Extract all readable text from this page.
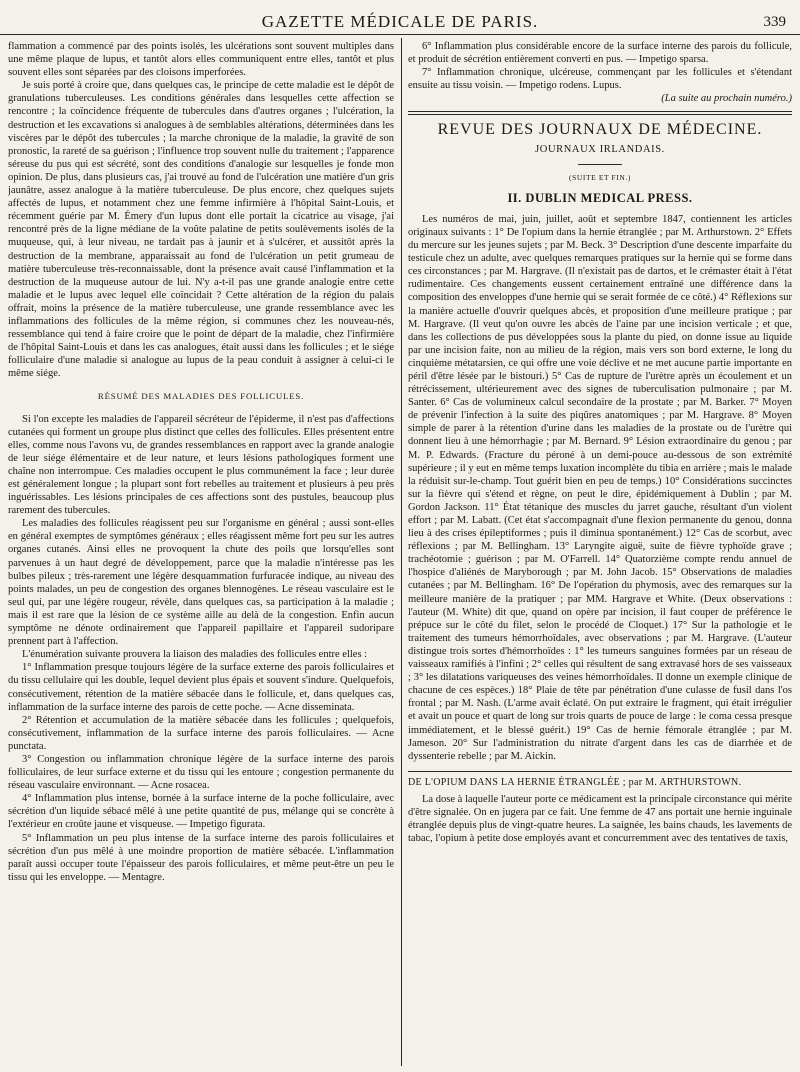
GAZETTE MÉDICALE DE PARIS.	339

flammation a commencé par des points isolés, les ulcérations sont souvent multiples dans une même plaque de lupus, et tantôt alors elles communiquent entre elles, tantôt et plus souvent elles sont séparées par des cloisons imperforées.

Je suis porté à croire que, dans quelques cas, le principe de cette maladie est le dépôt de granulations tuberculeuses. Les conditions générales dans lesquelles cette affection se rencontre ; la coïncidence fréquente de tubercules dans d'autres organes ; l'ulcération, la destruction et les excavations si analogues à de semblables altérations, déterminées dans les viscères par le dépôt des tubercules ; la marche chronique de la maladie, la gravité de son pronostic, la rareté de sa guérison ; l'influence trop souvent nulle du traitement ; l'apparence séreuse du pus qui est sécrété, sont des conditions d'analogie sur lesquelles je fonde mon opinion. De plus, dans plusieurs cas, j'ai trouvé au fond de l'ulcération une matière d'un gris jaunâtre, assez analogue à la matière tuberculeuse. De plus encore, chez quelques sujets affectés de lupus, et notamment chez une femme infirmière à l'hôpital Saint-Louis, et récemment guérie par M. Émery d'un lupus dont elle portait la cicatrice au visage, j'ai rencontré près de la ligne médiane de la voûte palatine de petits soulèvements isolés de la muqueuse, qui, à leur niveau, ne tardait pas à jaunir et à s'ulcérer, et aussitôt après la destruction de la membrane, apparaissait au fond de l'ulcération un petit grumeau de matière tuberculeuse très-reconnaissable, dont la présence avait causé l'inflammation et la destruction de la muqueuse autour de lui. N'y a-t-il pas une grande analogie entre cette maladie et le lupus avec lequel elle coïncidait ? Cette altération de la région du palais offrait, moins la présence de la matière tuberculeuse, une grande ressemblance avec les inflammations des follicules de la même région, si communes chez les nouveau-nés, ressemblance qui tend à faire croire que le point de départ de la maladie, chez l'infirmière de l'hôpital Saint-Louis et dans les cas analogues, était aussi dans les follicules ; et le siége folliculaire d'une maladie si analogue au lupus de la peau conduit à assigner à celui-ci le même siége.

RÉSUMÉ DES MALADIES DES FOLLICULES.

Si l'on excepte les maladies de l'appareil sécréteur de l'épiderme, il n'est pas d'affections cutanées qui forment un groupe plus distinct que celles des follicules. Elles présentent entre elles, comme nous l'avons vu, de grandes ressemblances en rapport avec la grande analogie de leur siége élémentaire et de leur nature, et leurs lésions pathologiques forment une chaîne non interrompue. Ces maladies occupent le plus communément la face ; leur durée est généralement longue ; la plupart sont fort rebelles au traitement et plusieurs à peu près inguérissables. Les lésions principales de ces affections sont des pustules, beaucoup plus rarement des tubercules.

Les maladies des follicules réagissent peu sur l'organisme en général ; aussi sont-elles en général exemptes de symptômes généraux ; elles réagissent même fort peu sur les autres organes cutanés. Ainsi elles ne provoquent la chute des poils que lorsqu'elles sont parvenues à un haut degré de développement, parce que la maladie n'intéresse pas les bulbes pileux ; très-rarement une légère desquammation furfuracée indique, au niveau des points malades, un peu de congestion des organes blennogènes. Le réseau vasculaire est le seul qui, par une légère rougeur, révèle, dans quelques cas, sa participation à la maladie ; mais il est rare que la lésion de ce système aille au delà de la congestion. Enfin aucun symptôme ne dénote ordinairement que l'appareil papillaire et l'appareil sudoripare prennent part à l'affection.

L'énumération suivante prouvera la liaison des maladies des follicules entre elles :

1° Inflammation presque toujours légère de la surface externe des parois folliculaires et du tissu cellulaire qui les double, lequel devient plus épais et souvent s'indure. Quelquefois, consécutivement, rétention de la matière sébacée dans le follicule, et, dans quelques cas, inflammation de la surface interne des parois de cette poche. — Acne disseminata.

2° Rétention et accumulation de la matière sébacée dans les follicules ; quelquefois, consécutivement, inflammation de la surface interne des parois folliculaires. — Acne punctata.

3° Congestion ou inflammation chronique légère de la surface interne des parois folliculaires, de leur surface externe et du tissu qui les entoure ; congestion permanente du réseau vasculaire environnant. — Acne rosacea.

4° Inflammation plus intense, bornée à la surface interne de la poche folliculaire, avec sécrétion d'un liquide sébacé mêlé à une petite quantité de pus, mélange qui se concrète à l'extérieur en croûte jaune et visqueuse. — Impetigo figurata.

5° Inflammation un peu plus intense de la surface interne des parois folliculaires et sécrétion d'un pus mêlé à une moindre proportion de matière sébacée. L'inflammation paraît aussi occuper toute l'épaisseur des parois folliculaires, et même peut-être un peu le tissu qui les enveloppe. — Mentagre.

6° Inflammation plus considérable encore de la surface interne des parois du follicule, et produit de sécrétion entièrement converti en pus. — Impetigo sparsa.

7° Inflammation chronique, ulcéreuse, commençant par les follicules et s'étendant ensuite au tissu voisin. — Impetigo rodens. Lupus.

(La suite au prochain numéro.)

REVUE DES JOURNAUX DE MÉDECINE.
JOURNAUX IRLANDAIS.
(SUITE ET FIN.)
II. DUBLIN MEDICAL PRESS.

Les numéros de mai, juin, juillet, août et septembre 1847, contiennent les articles originaux suivants : 1° De l'opium dans la hernie étranglée ; par M. Arthurstown. 2° Effets du mercure sur les jeunes sujets ; par M. Beck. 3° Description d'une descente imparfaite du testicule chez un adulte, avec quelques remarques pratiques sur la hernie qui se forme dans ces circonstances ; par M. Hargrave. (Il n'existait pas de dartos, et le crémaster était à l'état rudimentaire. Ces changements eussent certainement entraîné une différence dans la composition des enveloppes d'une hernie qui se serait formée de ce côté.) 4° Réflexions sur la manière actuelle d'ouvrir quelques abcès, et proposition d'une meilleure pratique ; par M. Hargrave. (Il veut qu'on ouvre les abcès de l'aine par une incision verticale ; et que, dans les collections de pus développées sous la plante du pied, on donne issue au liquide par une incision faite, non au milieu de la région, mais vers son bord externe, le long du cinquième métatarsien, ce qui offre une voie déclive et ne met aucune partie importante en péril d'être lésée par le bistouri.) 5° Cas de rupture de l'urètre après un écoulement et un rétrécissement, ultérieurement avec des signes de tuberculisation pulmonaire ; par M. Santer. 6° Cas de volumineux calcul secondaire de la prostate ; par M. Barker. 7° Moyen de prévenir l'infection à la suite des piqûres anatomiques ; par M. Hargrave. 8° Moyen simple de parer à la rétention d'urine dans les maladies de la prostate ou de l'urètre qui donnent lieu à une hémorrhagie ; par M. Bernard. 9° Lésion extraordinaire du genou ; par M. P. Edwards. (Fracture du péroné à un demi-pouce au-dessous de son extrémité supérieure ; il y eut en même temps luxation incomplète du tibia en arrière ; mais le malade la réduisit sur-le-champ. Tout guérit bien en peu de temps.) 10° Considérations succinctes sur la fièvre qui s'étend et règne, on peut le dire, épidémiquement à Dublin ; par M. Gordon Jackson. 11° État tétanique des muscles du jarret gauche, résultant d'un violent effort ; par M. Labatt. (Cet état s'accompagnait d'une flexion permanente du genou, donna lieu à des crises épileptiformes ; puis il diminua spontanément.) 12° Cas de scorbut, avec réflexions ; par M. Bellingham. 13° Laryngite aiguë, suite de fièvre typhoïde grave ; trachéotomie ; guérison ; par M. O'Farrell. 14° Quatorzième compte rendu annuel de l'hospice d'aliénés de Maryborough ; par M. John Jacob. 15° Observations de maladies cutanées ; par M. Bellingham. 16° De l'opération du phymosis, avec des remarques sur la meilleure manière de la pratiquer ; par MM. Hargrave et White. (Deux observations : l'auteur (M. White) dit que, quand on opère par incision, il faut couper de préférence le prépuce sur le côté du filet, selon le procédé de Cloquet.) 17° Sur la pathologie et le traitement des tumeurs hémorrhoïdales, avec observations ; par M. Hargrave. (L'auteur distingue trois sortes d'hémorrhoïdes : 1° les tumeurs sanguines formées par un réseau de vaisseaux ramifiés à l'infini ; 2° celles qui résultent de sang extravasé hors de ses vaisseaux ; 3° les dilatations variqueuses des veines hémorrhoïdales. Il donne un exemple clinique de chacune de ces espèces.) 18° Plaie de tête par pénétration d'une culasse de fusil dans l'os frontal ; par M. Nash. (L'arme avait éclaté. On put extraire le fragment, qui était irrégulier et avait un pouce et quart de long sur trois quarts de pouce de large : le coma cessa presque immédiatement, et le blessé guérit.) 19° Cas de hernie fémorale étranglée ; par M. Jameson. 20° Sur l'administration du nitrate d'argent dans les cas de diarrhée et de dyssenterie rebelle ; par M. Aickin.

DE L'OPIUM DANS LA HERNIE ÉTRANGLÉE ; par M. ARTHURSTOWN.

La dose à laquelle l'auteur porte ce médicament est la principale circonstance qui mérite d'être signalée. On en jugera par ce fait. Une femme de 47 ans portait une hernie inguinale étranglée depuis plus de vingt-quatre heures. La saignée, les bains chauds, les lavements de tabac, l'opium à petite dose employés avant et concurremment avec des tentatives de taxis,
